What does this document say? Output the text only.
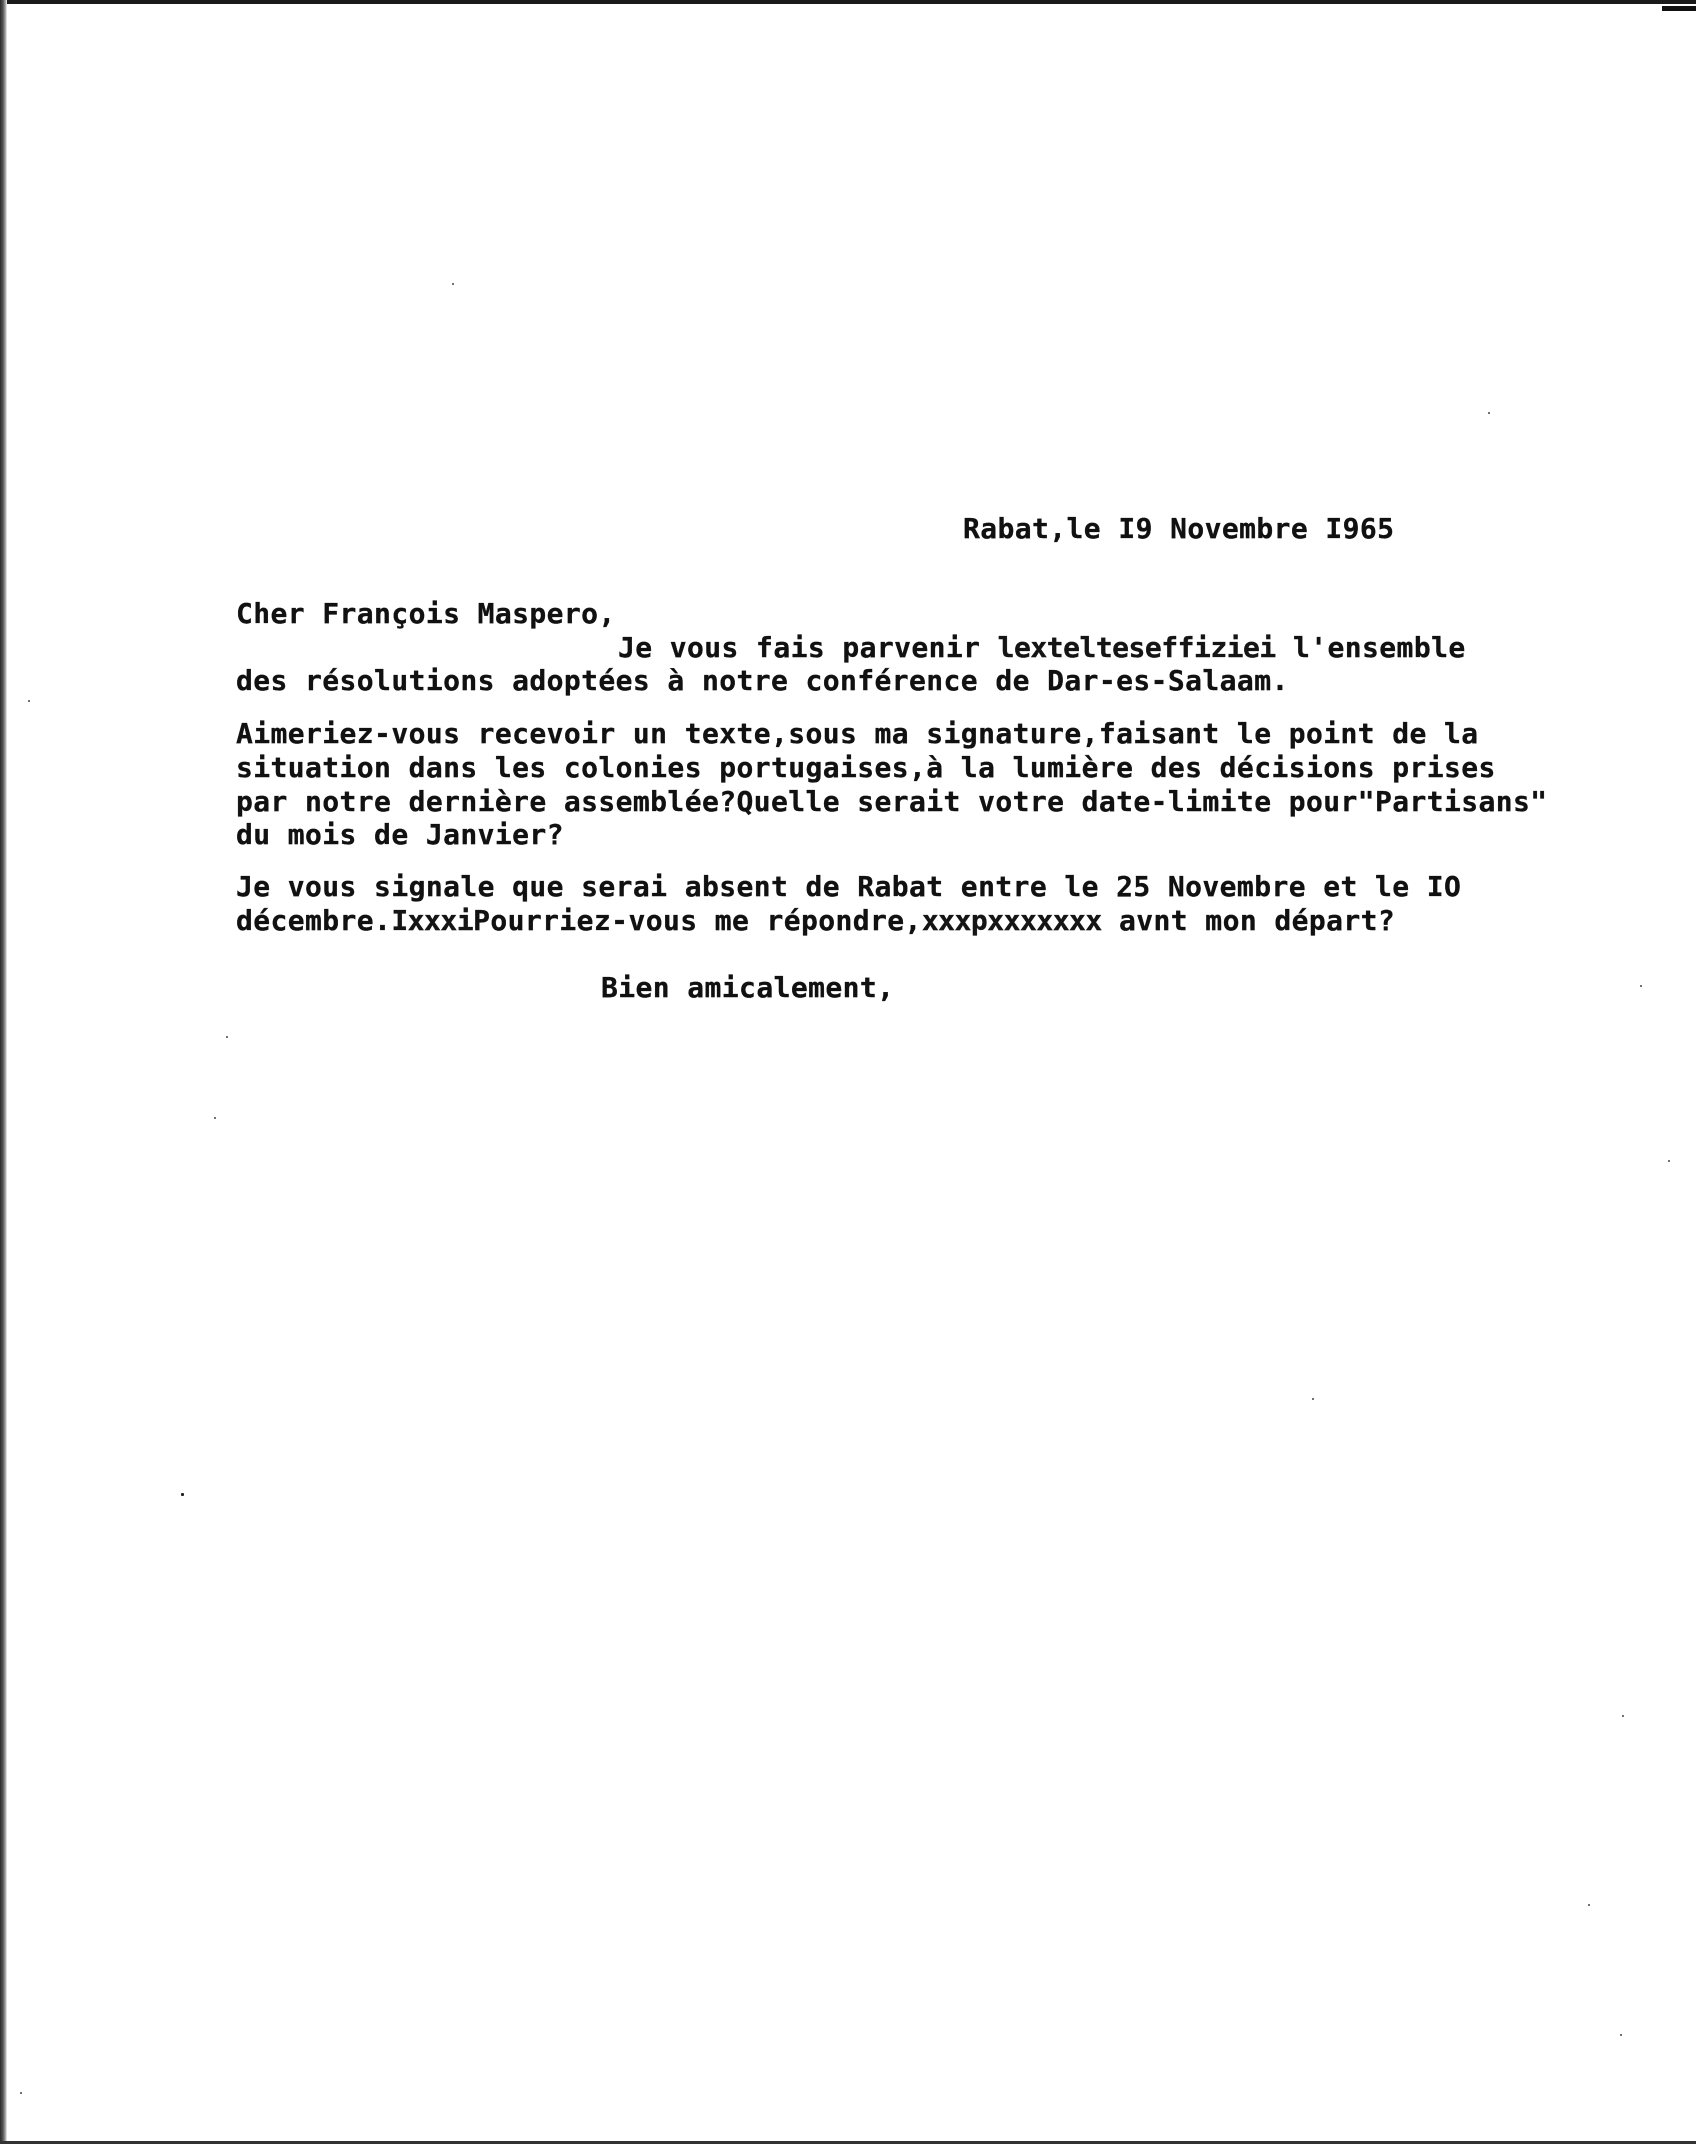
Rabat,le I9 Novembre I965
Cher François Maspero,
Je vous fais parvenir lextelteseffiziei l'ensemble
des résolutions adoptées à notre conférence de Dar-es-Salaam.
Aimeriez-vous recevoir un texte,sous ma signature,faisant le point de la
situation dans les colonies portugaises,à la lumière des décisions prises
par notre dernière assemblée?Quelle serait votre date-limite pour"Partisans"
du mois de Janvier?
Je vous signale que serai absent de Rabat entre le 25 Novembre et le IO
décembre.IxxxiPourriez-vous me répondre,xxxpxxxxxxx avnt mon départ?
Bien amicalement,
